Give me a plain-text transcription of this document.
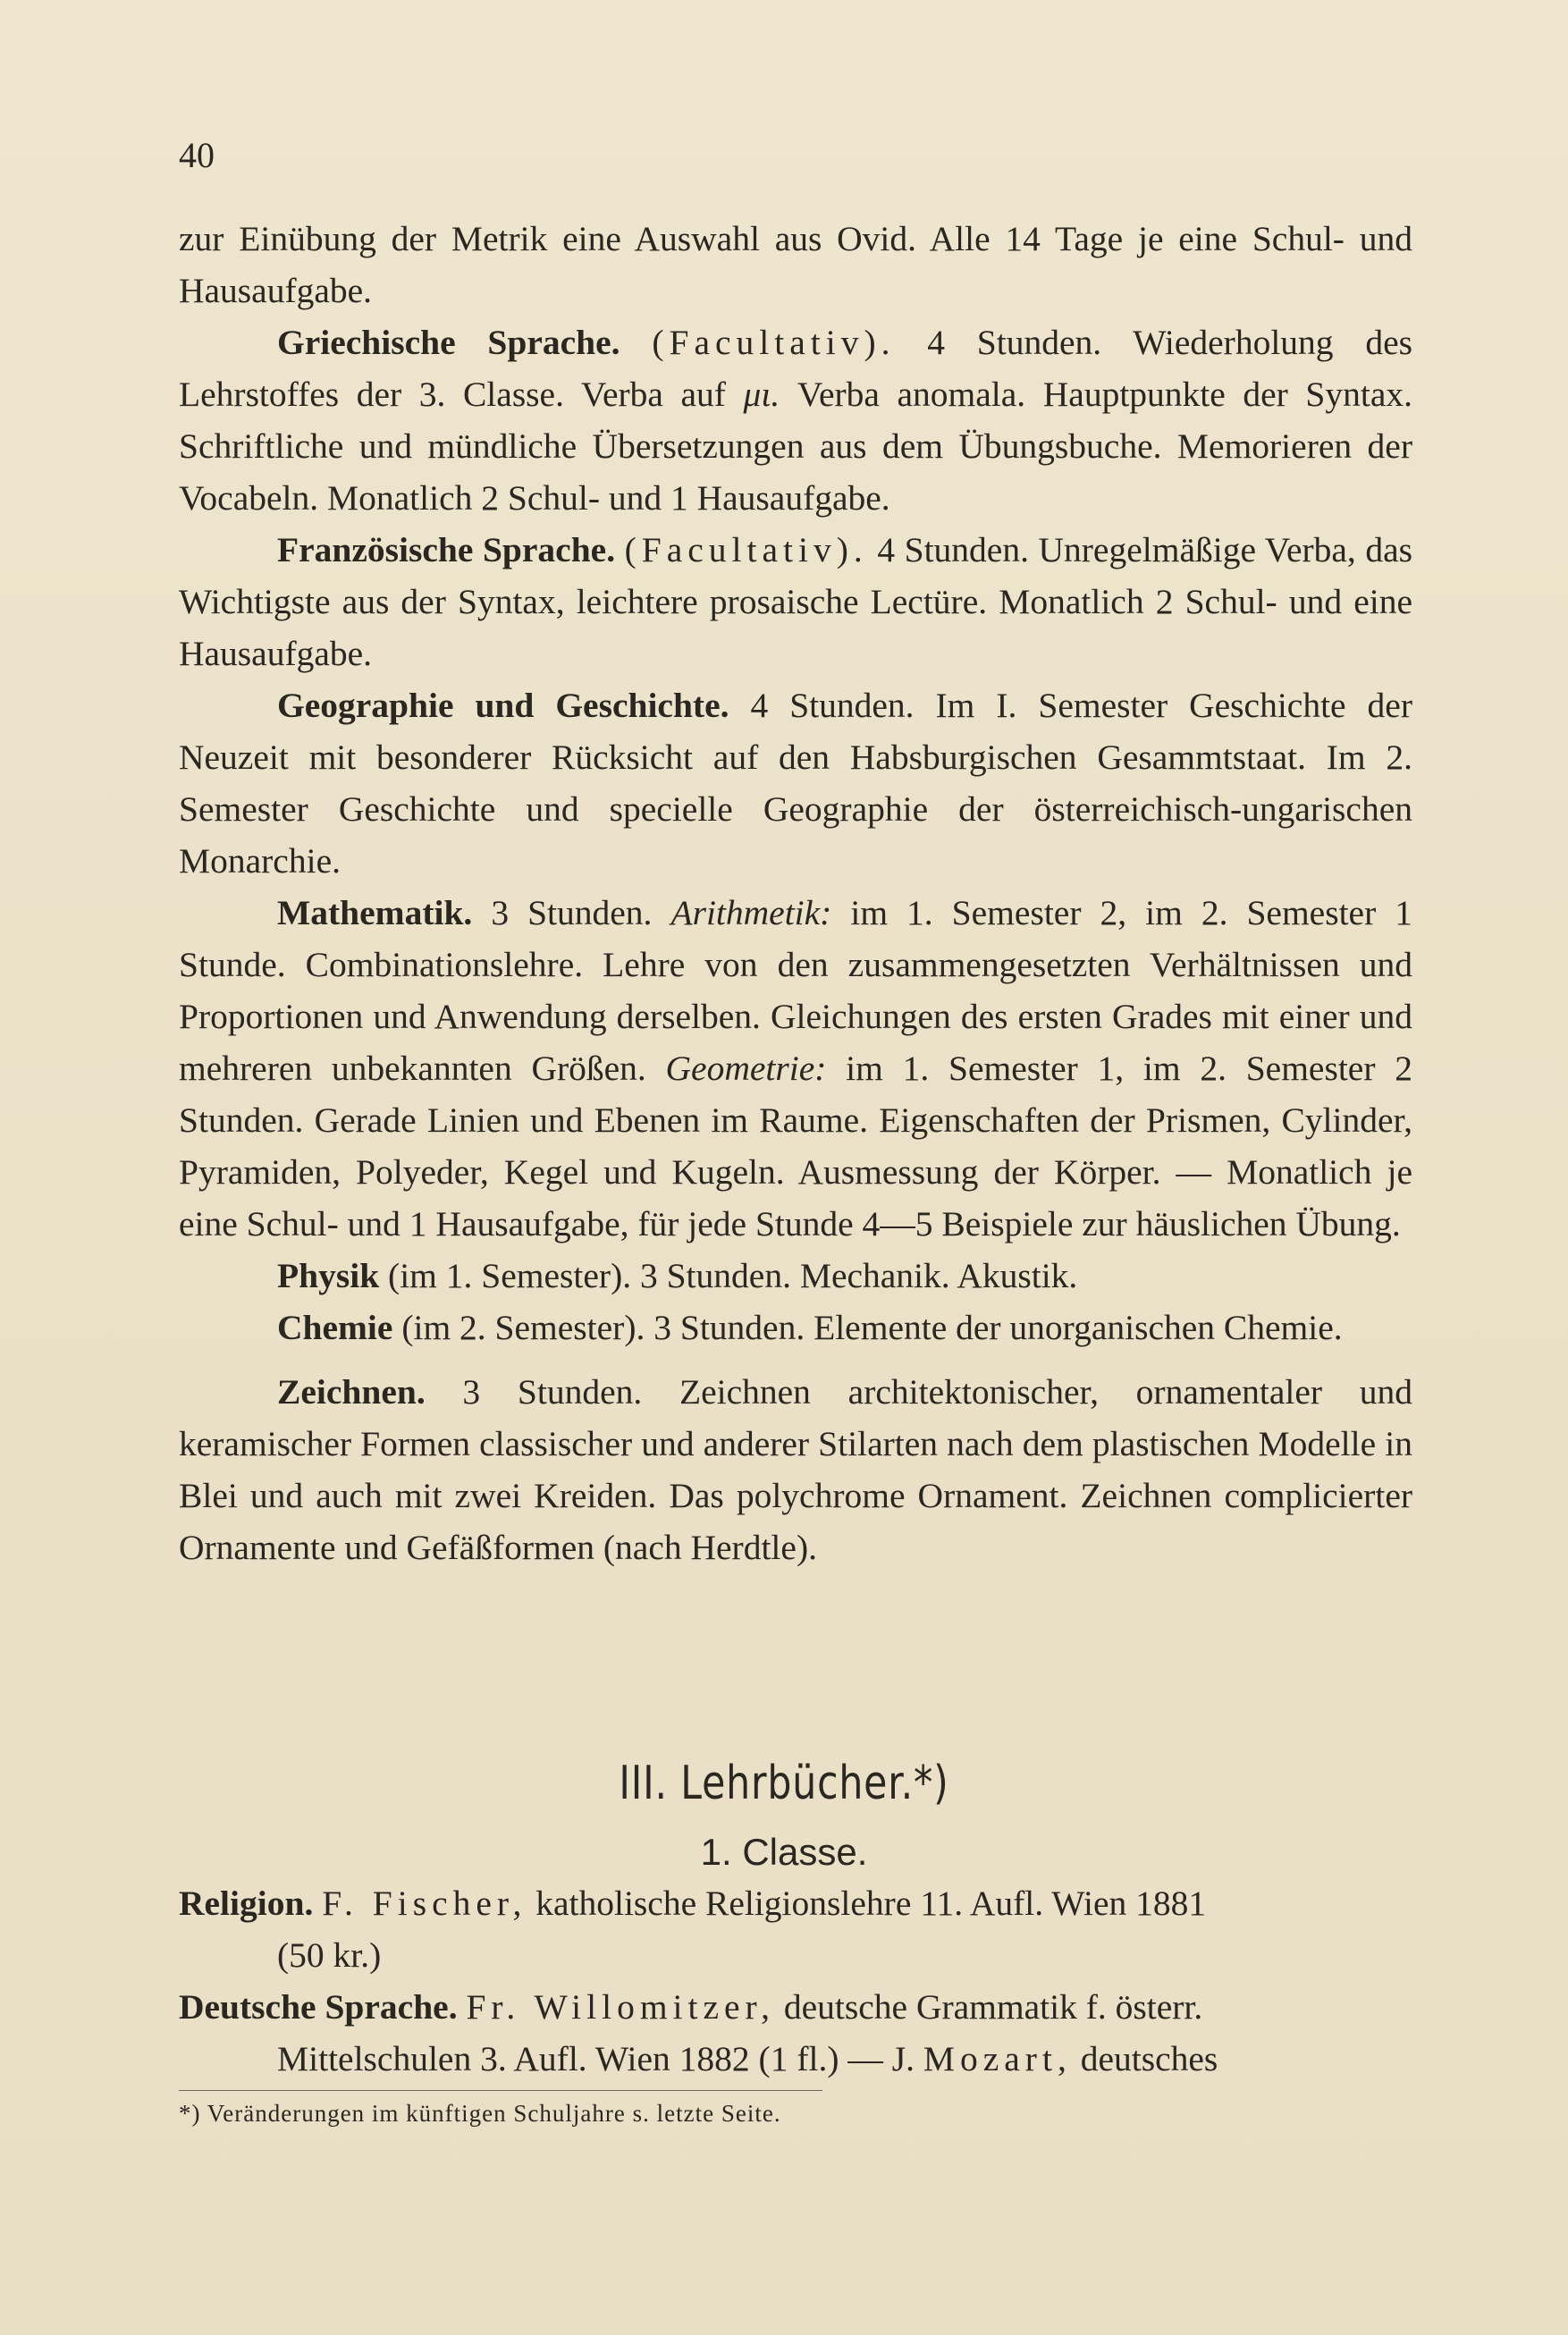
40

zur Einübung der Metrik eine Auswahl aus Ovid. Alle 14 Tage je eine Schul- und Hausaufgabe.

Griechische Sprache. (Facultativ). 4 Stunden. Wiederholung des Lehrstoffes der 3. Classe. Verba auf μι. Verba anomala. Hauptpunkte der Syntax. Schriftliche und mündliche Übersetzungen aus dem Übungsbuche. Memorieren der Vocabeln. Monatlich 2 Schul- und 1 Hausaufgabe.

Französische Sprache. (Facultativ). 4 Stunden. Unregelmäßige Verba, das Wichtigste aus der Syntax, leichtere prosaische Lectüre. Monatlich 2 Schul- und eine Hausaufgabe.

Geographie und Geschichte. 4 Stunden. Im I. Semester Geschichte der Neuzeit mit besonderer Rücksicht auf den Habsburgischen Gesammtstaat. Im 2. Semester Geschichte und specielle Geographie der österreichisch-ungarischen Monarchie.

Mathematik. 3 Stunden. Arithmetik: im 1. Semester 2, im 2. Semester 1 Stunde. Combinationslehre. Lehre von den zusammengesetzten Verhältnissen und Proportionen und Anwendung derselben. Gleichungen des ersten Grades mit einer und mehreren unbekannten Größen. Geometrie: im 1. Semester 1, im 2. Semester 2 Stunden. Gerade Linien und Ebenen im Raume. Eigenschaften der Prismen, Cylinder, Pyramiden, Polyeder, Kegel und Kugeln. Ausmessung der Körper. — Monatlich je eine Schul- und 1 Hausaufgabe, für jede Stunde 4—5 Beispiele zur häuslichen Übung.

Physik (im 1. Semester). 3 Stunden. Mechanik. Akustik.

Chemie (im 2. Semester). 3 Stunden. Elemente der unorganischen Chemie.

Zeichnen. 3 Stunden. Zeichnen architektonischer, ornamentaler und keramischer Formen classischer und anderer Stilarten nach dem plastischen Modelle in Blei und auch mit zwei Kreiden. Das polychrome Ornament. Zeichnen complicierter Ornamente und Gefäßformen (nach Herdtle).

III. Lehrbücher.*)
1. Classe.

Religion. F. Fischer, katholische Religionslehre 11. Aufl. Wien 1881

(50 kr.)

Deutsche Sprache. Fr. Willomitzer, deutsche Grammatik f. österr.

Mittelschulen 3. Aufl. Wien 1882 (1 fl.) — J. Mozart, deutsches

*) Veränderungen im künftigen Schuljahre s. letzte Seite.
